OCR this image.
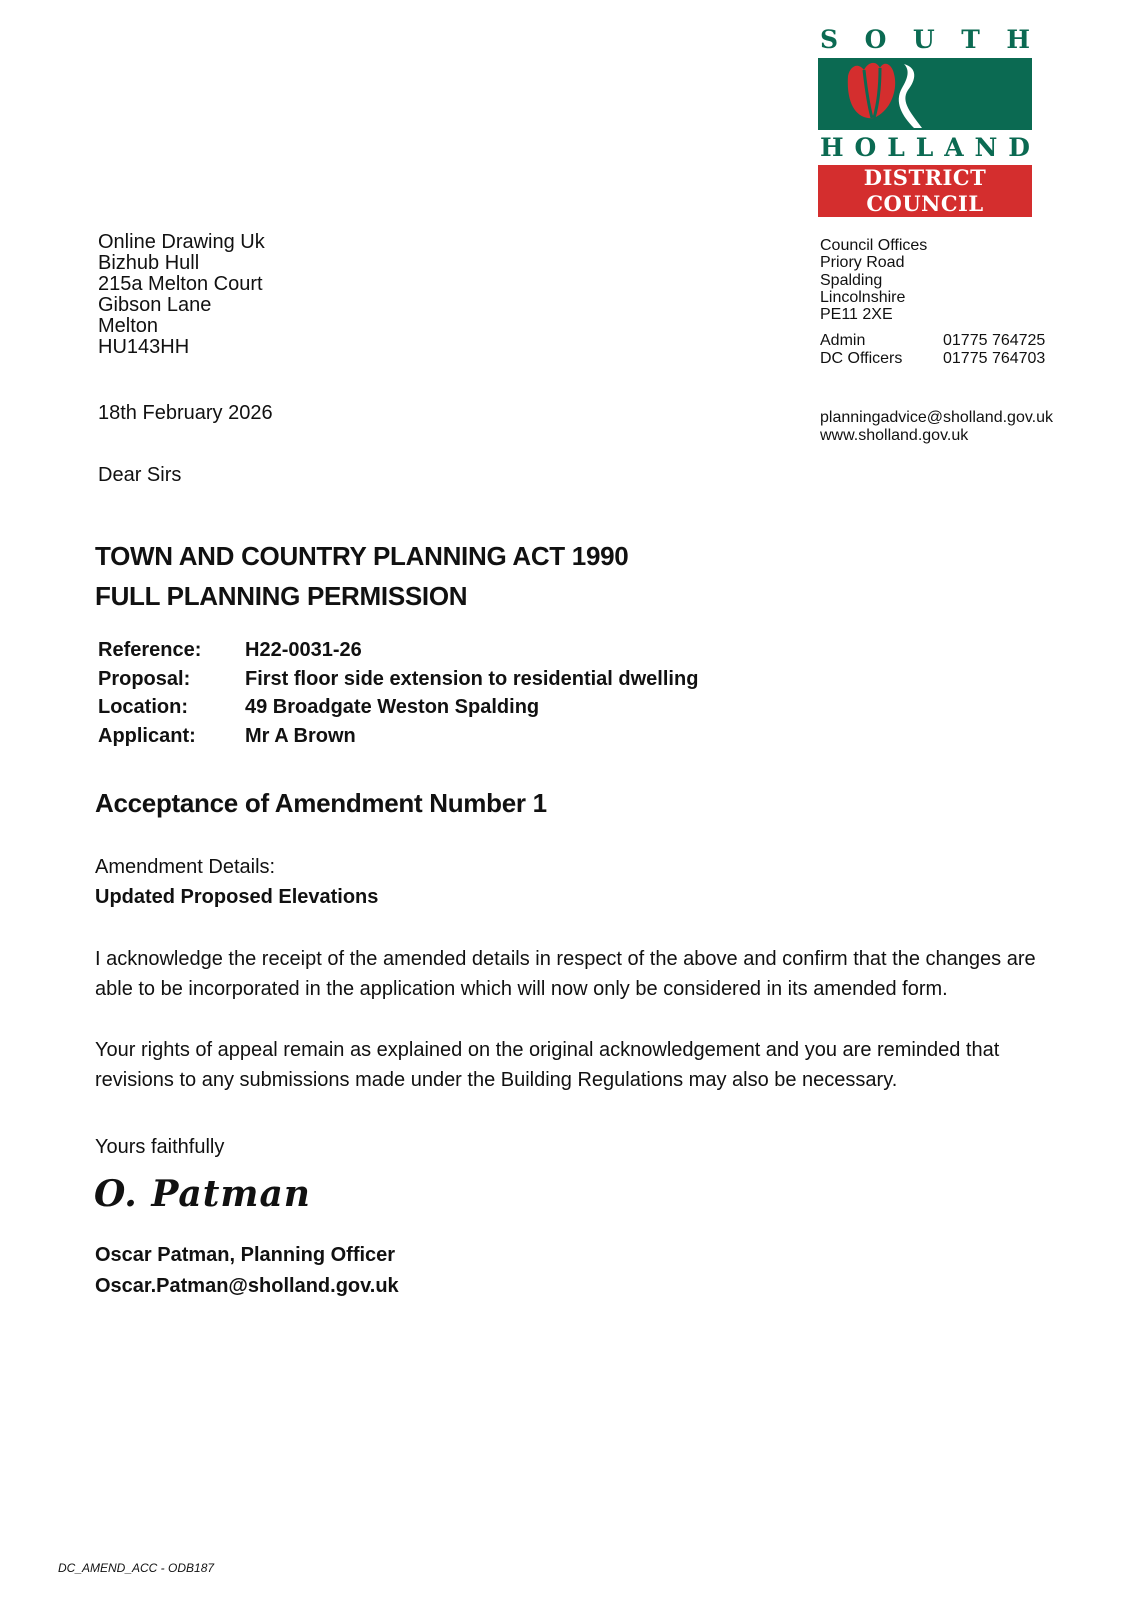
S O U T H
H O L L A N D
DISTRICT COUNCIL
Online Drawing Uk
Bizhub Hull
215a Melton Court
Gibson Lane
Melton
HU143HH
Council Offices
Priory Road
Spalding
Lincolnshire
PE11 2XE
Admin	01775 764725
DC Officers	01775 764703
planningadvice@sholland.gov.uk
www.sholland.gov.uk
18th February 2026
Dear Sirs
TOWN AND COUNTRY PLANNING ACT 1990
FULL PLANNING PERMISSION
Reference:	H22-0031-26
Proposal:	First floor side extension to residential dwelling
Location:	49 Broadgate Weston Spalding
Applicant:	Mr A Brown
Acceptance of Amendment Number 1
Amendment Details:
Updated Proposed Elevations
I acknowledge the receipt of the amended details in respect of the above and confirm that the changes are able to be incorporated in the application which will now only be considered in its amended form.
Your rights of appeal remain as explained on the original acknowledgement and you are reminded that revisions to any submissions made under the Building Regulations may also be necessary.
Yours faithfully
O. Patman
Oscar Patman, Planning Officer
Oscar.Patman@sholland.gov.uk
DC_AMEND_ACC - ODB187
